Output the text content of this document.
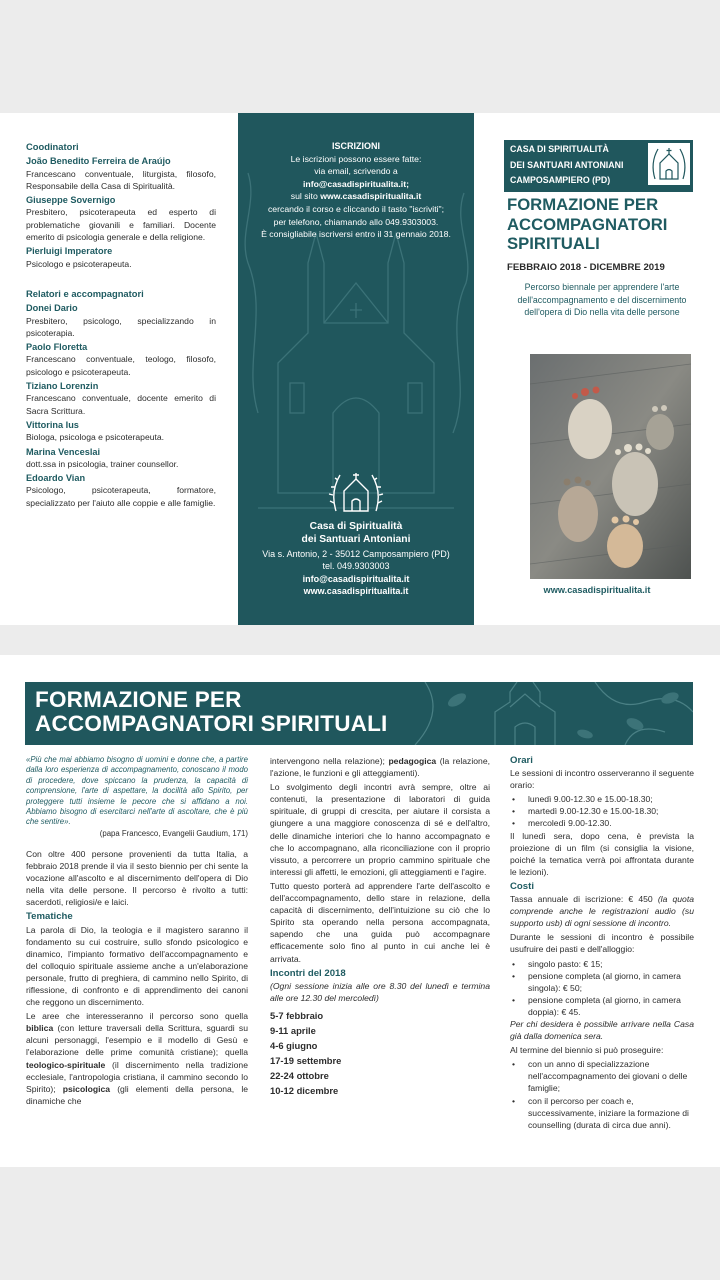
Coodinatori
João Benedito Ferreira de Araújo
Francescano conventuale, liturgista, filosofo, Responsabile della Casa di Spiritualità.
Giuseppe Sovernigo
Presbitero, psicoterapeuta ed esperto di problematiche giovanili e familiari. Docente emerito di psicologia generale e della religione.
Pierluigi Imperatore
Psicologo e psicoterapeuta.
Relatori e accompagnatori
Donei Dario
Presbitero, psicologo, specializzando in psicoterapia.
Paolo Floretta
Francescano conventuale, teologo, filosofo, psicologo e psicoterapeuta.
Tiziano Lorenzin
Francescano conventuale, docente emerito di Sacra Scrittura.
Vittorina Ius
Biologa, psicologa e psicoterapeuta.
Marina Venceslai
dott.ssa in psicologia, trainer counsellor.
Edoardo Vian
Psicologo, psicoterapeuta, formatore, specializzato per l'aiuto alle coppie e alle famiglie.
ISCRIZIONI
Le iscrizioni possono essere fatte:
via email, scrivendo a
info@casadispiritualita.it;
sul sito www.casadispiritualita.it
cercando il corso e cliccando il tasto "iscriviti";
per telefono, chiamando allo 049.9303003.
È consigliabile iscriversi entro il 31 gennaio 2018.
Casa di Spiritualità
dei Santuari Antoniani
Via s. Antonio, 2 - 35012 Camposampiero (PD)
tel. 049.9303003
info@casadispiritualita.it
www.casadispiritualita.it
CASA DI SPIRITUALITÀ
DEI SANTUARI ANTONIANI
CAMPOSAMPIERO (PD)
FORMAZIONE PER
ACCOMPAGNATORI
SPIRITUALI
FEBBRAIO 2018 - DICEMBRE 2019
Percorso biennale per apprendere l'arte dell'accompagnamento e del discernimento dell'opera di Dio nella vita delle persone
www.casadispiritualita.it
FORMAZIONE PER
ACCOMPAGNATORI SPIRITUALI
«Più che mai abbiamo bisogno di uomini e donne che, a partire dalla loro esperienza di accompagnamento, conoscano il modo di procedere, dove spiccano la prudenza, la capacità di comprensione, l'arte di aspettare, la docilità allo Spirito, per proteggere tutti insieme le pecore che si affidano a noi. Abbiamo bisogno di esercitarci nell'arte di ascoltare, che è più che sentire».
(papa Francesco, Evangelii Gaudium, 171)
Con oltre 400 persone provenienti da tutta Italia, a febbraio 2018 prende il via il sesto biennio per chi sente la vocazione all'ascolto e al discernimento dell'opera di Dio nella vita delle persone. Il percorso è rivolto a tutti: sacerdoti, religiosi/e e laici.
Tematiche
La parola di Dio, la teologia e il magistero saranno il fondamento su cui costruire, sullo sfondo psicologico e dinamico, l'impianto formativo dell'accompagnamento e del colloquio spirituale assieme anche a un'elaborazione personale, frutto di preghiera, di cammino nello Spirito, di riflessione, di confronto e di apprendimento dei canoni che reggono un discernimento.
Le aree che interesseranno il percorso sono quella biblica (con letture traversali della Scrittura, sguardi su alcuni personaggi, l'esempio e il modello di Gesù e l'elaborazione delle prime comunità cristiane); quella teologico-spirituale (il discernimento nella tradizione ecclesiale, l'antropologia cristiana, il cammino secondo lo Spirito); psicologica (gli elementi della persona, le dinamiche che
intervengono nella relazione); pedagogica (la relazione, l'azione, le funzioni e gli atteggiamenti).
Lo svolgimento degli incontri avrà sempre, oltre ai contenuti, la presentazione di laboratori di guida spirituale, di gruppi di crescita, per aiutare il corsista a giungere a una maggiore conoscenza di sé e dell'altro, delle dinamiche interiori che lo hanno accompagnato e che lo accompagnano, alla riconciliazione con il proprio vissuto, a percorrere un proprio cammino spirituale che interessi gli affetti, le emozioni, gli atteggiamenti e l'agire.
Tutto questo porterà ad apprendere l'arte dell'ascolto e dell'accompagnamento, dello stare in relazione, della capacità di discernimento, dell'intuizione su ciò che lo Spirito sta operando nella persona accompagnata, sapendo che una guida può accompagnare efficacemente solo fino al punto in cui anche lei è arrivata.
Incontri del 2018
(Ogni sessione inizia alle ore 8.30 del lunedì e termina alle ore 12.30 del mercoledì)
5-7 febbraio
9-11 aprile
4-6 giugno
17-19 settembre
22-24 ottobre
10-12 dicembre
Orari
Le sessioni di incontro osserveranno il seguente orario:
• lunedì 9.00-12.30 e 15.00-18.30;
• martedì 9.00-12.30 e 15.00-18.30;
• mercoledì 9.00-12.30.
Il lunedì sera, dopo cena, è prevista la proiezione di un film (si consiglia la visione, poiché la tematica verrà poi affrontata durante le lezioni).
Costi
Tassa annuale di iscrizione: € 450 (la quota comprende anche le registrazioni audio (su supporto usb) di ogni sessione di incontro.
Durante le sessioni di incontro è possibile usufruire dei pasti e dell'alloggio:
• singolo pasto: € 15;
• pensione completa (al giorno, in camera singola): € 50;
• pensione completa (al giorno, in camera doppia): € 45.
Per chi desidera è possibile arrivare nella Casa già dalla domenica sera.
Al termine del biennio si può proseguire:
• con un anno di specializzazione nell'accompagnamento dei giovani o delle famiglie;
• con il percorso per coach e, successivamente, iniziare la formazione di counselling (durata di circa due anni).
